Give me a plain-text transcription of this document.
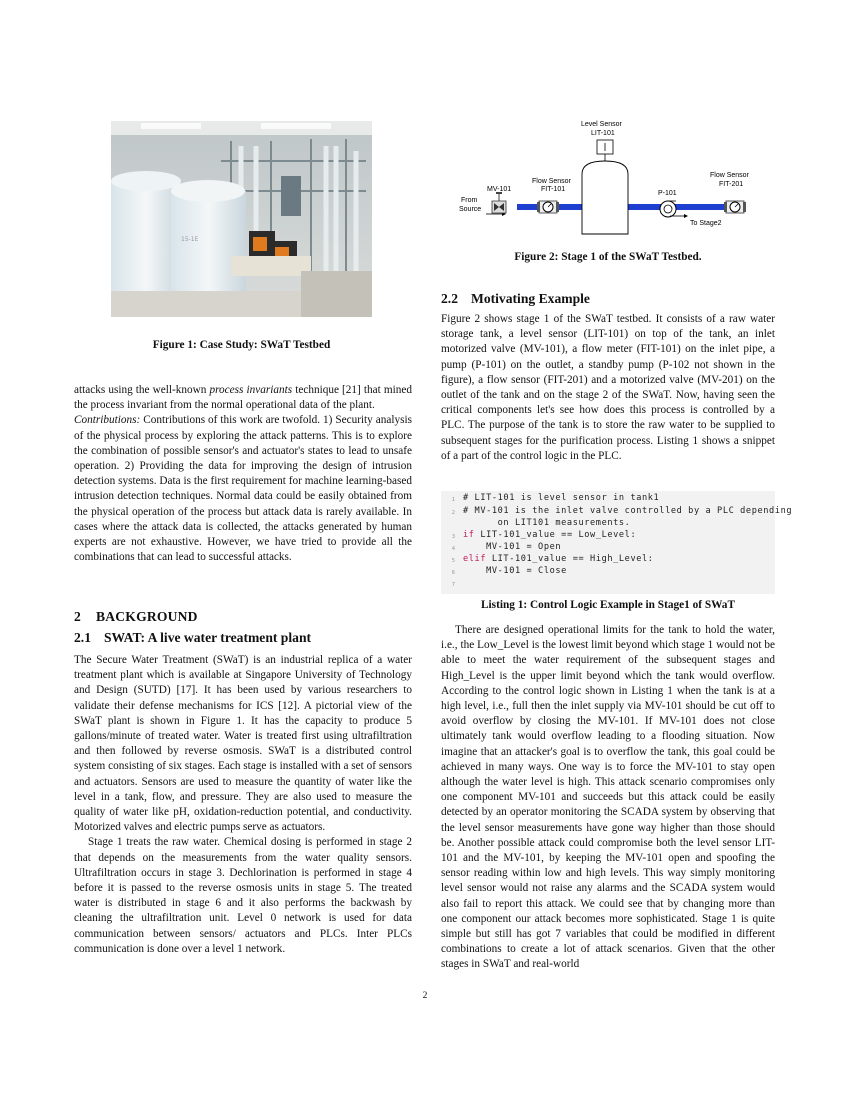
15-1E
Figure 1: Case Study: SWaT Testbed
From
Source
MV-101
Flow Sensor
FIT-101
Level Sensor
LIT-101
P-101
Flow Sensor
FIT-201
To Stage2
Figure 2: Stage 1 of the SWaT Testbed.

attacks using the well-known process invariants technique [21] that mined the process invariant from the normal operational data of the plant.

Contributions: Contributions of this work are twofold. 1) Security analysis of the physical process by exploring the attack patterns. This is to explore the combination of possible sensor's and actuator's states to lead to unsafe operation. 2) Providing the data for improving the design of intrusion detection systems. Data is the first requirement for machine learning-based intrusion detection techniques. Normal data could be easily obtained from the physical operation of the process but attack data is rarely available. In cases where the attack data is collected, the attacks generated by human experts are not exhaustive. However, we have tried to provide all the combinations that can lead to successful attacks.

2 BACKGROUND
2.1 SWAT: A live water treatment plant

The Secure Water Treatment (SWaT) is an industrial replica of a water treatment plant which is available at Singapore University of Technology and Design (SUTD) [17]. It has been used by various researchers to validate their defense mechanisms for ICS [12]. A pictorial view of the SWaT plant is shown in Figure 1. It has the capacity to produce 5 gallons/minute of treated water. Water is treated first using ultrafiltration and then followed by reverse osmosis. SWaT is a distributed control system consisting of six stages. Each stage is installed with a set of sensors and actuators. Sensors are used to measure the quantity of water like the level in a tank, flow, and pressure. They are also used to measure the quality of water like pH, oxidation-reduction potential, and conductivity. Motorized valves and electric pumps serve as actuators.

Stage 1 treats the raw water. Chemical dosing is performed in stage 2 that depends on the measurements from the water quality sensors. Ultrafiltration occurs in stage 3. Dechlorination is performed in stage 4 before it is passed to the reverse osmosis units in stage 5. The treated water is distributed in stage 6 and it also performs the backwash by cleaning the ultrafiltration unit. Level 0 network is used for data communication between sensors/ actuators and PLCs. Inter PLCs communication is done over a level 1 network.

2.2 Motivating Example

Figure 2 shows stage 1 of the SWaT testbed. It consists of a raw water storage tank, a level sensor (LIT-101) on top of the tank, an inlet motorized valve (MV-101), a flow meter (FIT-101) on the inlet pipe, a pump (P-101) on the outlet, a standby pump (P-102 not shown in the figure), a flow sensor (FIT-201) and a motorized valve (MV-201) on the outlet of the tank and on the stage 2 of the SWaT. Now, having seen the critical components let's see how does this process is controlled by a PLC. The purpose of the tank is to store the raw water to be supplied to subsequent stages for the purification process. Listing 1 shows a snippet of a part of the control logic in the PLC.

1 # LIT-101 is level sensor in tank1
2 # MV-101 is the inlet valve controlled by a PLC depending
on LIT101 measurements.
3 if LIT-101_value == Low_Level:
4 MV-101 = Open
5 elif LIT-101_value == High_Level:
6 MV-101 = Close
7
Listing 1: Control Logic Example in Stage1 of SWaT

There are designed operational limits for the tank to hold the water, i.e., the Low_Level is the lowest limit beyond which stage 1 would not be able to meet the water requirement of the subsequent stages and High_Level is the upper limit beyond which the tank would overflow. According to the control logic shown in Listing 1 when the tank is at a high level, i.e., full then the inlet supply via MV-101 should be cut off to avoid overflow by closing the MV-101. If MV-101 does not close ultimately tank would overflow leading to a flooding situation. Now imagine that an attacker's goal is to overflow the tank, this goal could be achieved in many ways. One way is to force the MV-101 to stay open although the water level is high. This attack scenario compromises only one component MV-101 and succeeds but this attack could be easily detected by an operator monitoring the SCADA system by observing that the level sensor measurements have gone way higher than those should be. Another possible attack could compromise both the level sensor LIT-101 and the MV-101, by keeping the MV-101 open and spoofing the sensor reading within low and high levels. This way simply monitoring level sensor would not raise any alarms and the SCADA system would also fail to report this attack. We could see that by changing more than one component our attack becomes more sophisticated. Stage 1 is quite simple but still has got 7 variables that could be modified in different combinations to create a lot of attack scenarios. Given that the other stages in SWaT and real-world

2
